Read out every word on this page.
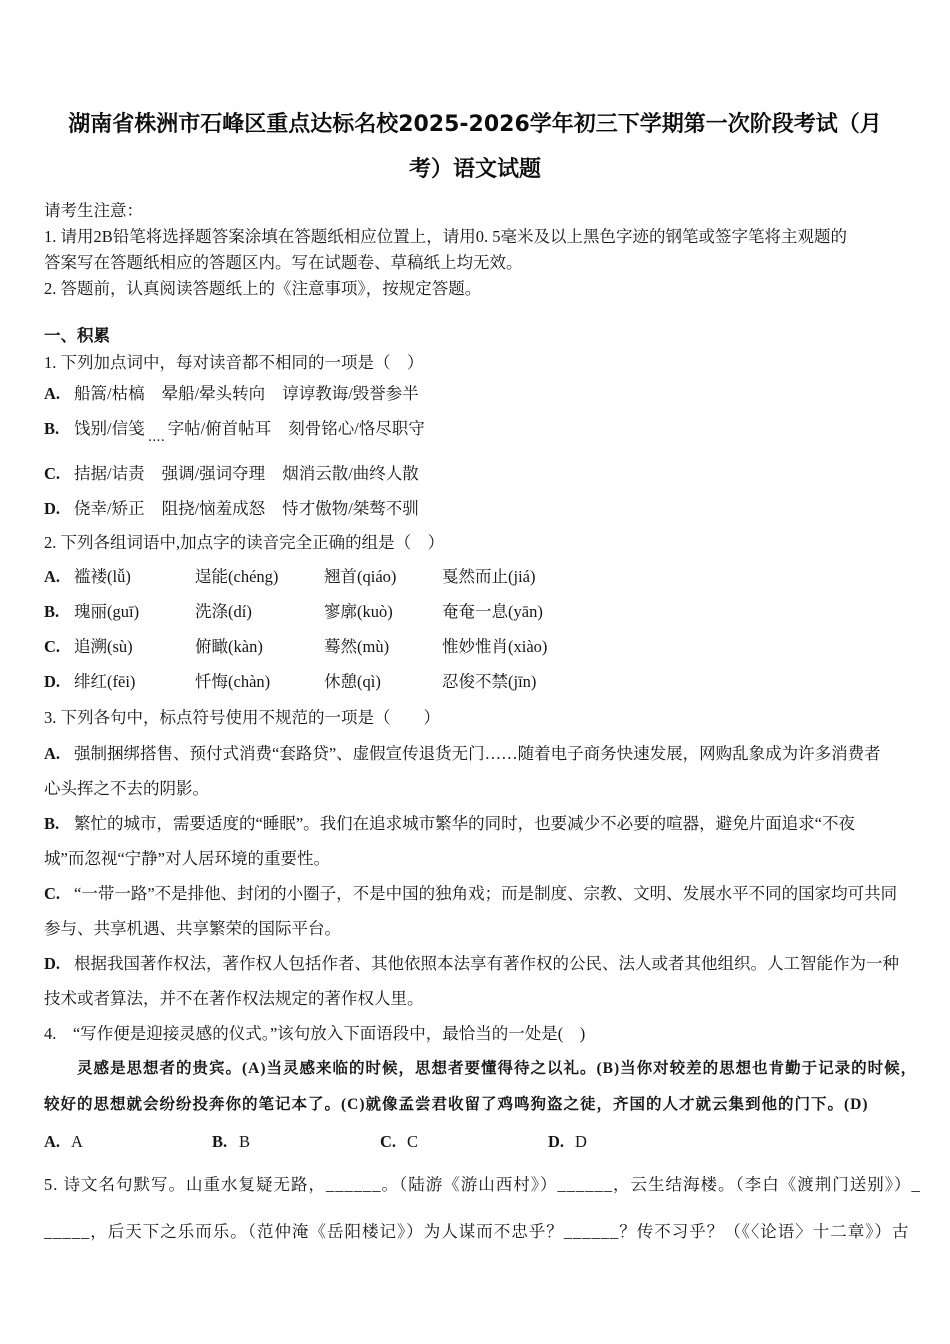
湖南省株洲市石峰区重点达标名校2025-2026学年初三下学期第一次阶段考试（月
考）语文试题
请考生注意：
1. 请用2B铅笔将选择题答案涂填在答题纸相应位置上，请用0. 5毫米及以上黑色字迹的钢笔或签字笔将主观题的
答案写在答题纸相应的答题区内。写在试题卷、草稿纸上均无效。
2. 答题前，认真阅读答题纸上的《注意事项》，按规定答题。
一、积累
1. 下列加点词中，每对读音都不相同的一项是（　）
A. 船篙/枯槁 晕船/晕头转向 谆谆教诲/毁誉参半
B. 饯别/信笺 $_{....}$ 字帖/俯首帖耳 刻骨铭心/恪尽职守
C. 拮据/诘责 强调/强词夺理 烟消云散/曲终人散
D. 侥幸/矫正 阻挠/恼羞成怒 恃才傲物/桀骜不驯
2. 下列各组词语中,加点字的读音完全正确的组是（　）
A. 褴褛(lǚ)	逞能(chéng)	翘首(qiáo)	戛然而止(jiá)
B. 瑰丽(guī)	洗涤(dí)	寥廓(kuò)	奄奄一息(yān)
C. 追溯(sù)	俯瞰(kàn)	蓦然(mù)	惟妙惟肖(xiào)
D. 绯红(fēi)	忏悔(chàn)	休憩(qì)	忍俊不禁(jīn)
3. 下列各句中，标点符号使用不规范的一项是（　　）
A. 强制捆绑搭售、预付式消费“套路贷”、虚假宣传退货无门……随着电子商务快速发展，网购乱象成为许多消费者
心头挥之不去的阴影。
B. 繁忙的城市，需要适度的“睡眠”。我们在追求城市繁华的同时，也要减少不必要的喧器，避免片面追求“不夜
城”而忽视“宁静”对人居环境的重要性。
C. “一带一路”不是排他、封闭的小圈子，不是中国的独角戏；而是制度、宗教、文明、发展水平不同的国家均可共同
参与、共享机遇、共享繁荣的国际平台。
D. 根据我国著作权法，著作权人包括作者、其他依照本法享有著作权的公民、法人或者其他组织。人工智能作为一种
技术或者算法，并不在著作权法规定的著作权人里。
4.　“写作便是迎接灵感的仪式。”该句放入下面语段中，最恰当的一处是(　)
灵感是思想者的贵宾。(A)当灵感来临的时候，思想者要懂得待之以礼。(B)当你对较差的思想也肯勤于记录的时候，
较好的思想就会纷纷投奔你的笔记本了。(C)就像孟尝君收留了鸡鸣狗盗之徒，齐国的人才就云集到他的门下。(D)
A. A	B. B	C. C	D. D
5. 诗文名句默写。山重水复疑无路，______。（陆游《游山西村》）______，云生结海楼。（李白《渡荆门送别》）_
_____，后天下之乐而乐。（范仲淹《岳阳楼记》）为人谋而不忠乎？______？传不习乎？（《〈论语〉十二章》）古
